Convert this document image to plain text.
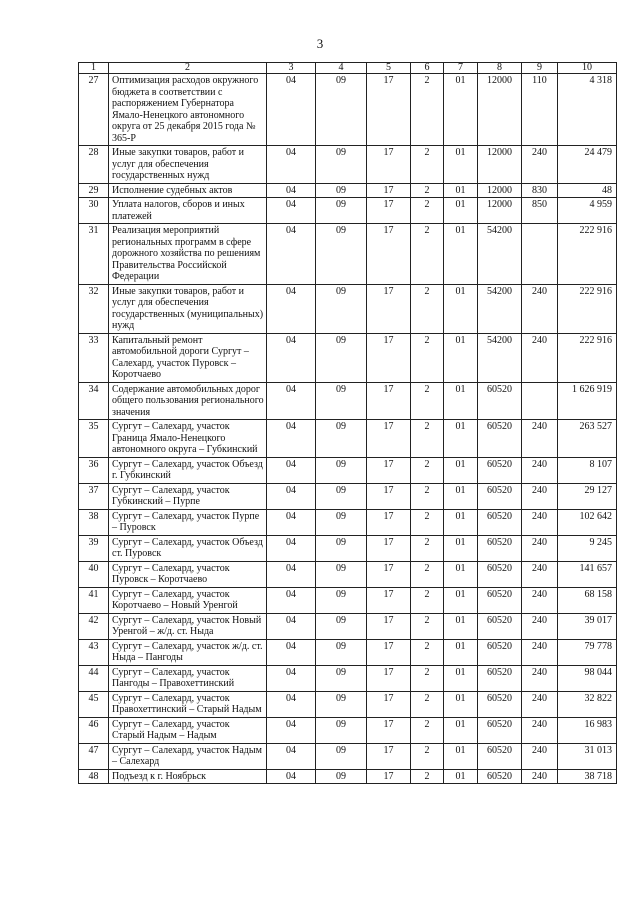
3
1	2	3	4	5	6	7	8	9	10
27	Оптимизация расходов окружного бюджета в соответствии с распоряжением Губернатора Ямало-Ненецкого автономного округа от 25 декабря 2015 года № 365-Р	04	09	17	2	01	12000	110	4 318
28	Иные закупки товаров, работ и услуг для обеспечения государственных нужд	04	09	17	2	01	12000	240	24 479
29	Исполнение судебных актов	04	09	17	2	01	12000	830	48
30	Уплата налогов, сборов и иных платежей	04	09	17	2	01	12000	850	4 959
31	Реализация мероприятий региональных программ в сфере дорожного хозяйства по решениям Правительства Российской Федерации	04	09	17	2	01	54200		222 916
32	Иные закупки товаров, работ и услуг для обеспечения государственных (муниципальных) нужд	04	09	17	2	01	54200	240	222 916
33	Капитальный ремонт автомобильной дороги Сургут – Салехард, участок Пуровск – Коротчаево	04	09	17	2	01	54200	240	222 916
34	Содержание автомобильных дорог общего пользования регионального значения	04	09	17	2	01	60520		1 626 919
35	Сургут – Салехард, участок Граница Ямало-Ненецкого автономного округа – Губкинский	04	09	17	2	01	60520	240	263 527
36	Сургут – Салехард, участок Объезд г. Губкинский	04	09	17	2	01	60520	240	8 107
37	Сургут – Салехард, участок Губкинский – Пурпе	04	09	17	2	01	60520	240	29 127
38	Сургут – Салехард, участок Пурпе – Пуровск	04	09	17	2	01	60520	240	102 642
39	Сургут – Салехард, участок Объезд ст. Пуровск	04	09	17	2	01	60520	240	9 245
40	Сургут – Салехард, участок Пуровск – Коротчаево	04	09	17	2	01	60520	240	141 657
41	Сургут – Салехард, участок Коротчаево – Новый Уренгой	04	09	17	2	01	60520	240	68 158
42	Сургут – Салехард, участок Новый Уренгой – ж/д. ст. Ныда	04	09	17	2	01	60520	240	39 017
43	Сургут – Салехард, участок ж/д. ст. Ныда – Пангоды	04	09	17	2	01	60520	240	79 778
44	Сургут – Салехард, участок Пангоды – Правохеттинский	04	09	17	2	01	60520	240	98 044
45	Сургут – Салехард, участок Правохеттинский – Старый Надым	04	09	17	2	01	60520	240	32 822
46	Сургут – Салехард, участок Старый Надым – Надым	04	09	17	2	01	60520	240	16 983
47	Сургут – Салехард, участок Надым – Салехард	04	09	17	2	01	60520	240	31 013
48	Подъезд к г. Ноябрьск	04	09	17	2	01	60520	240	38 718
